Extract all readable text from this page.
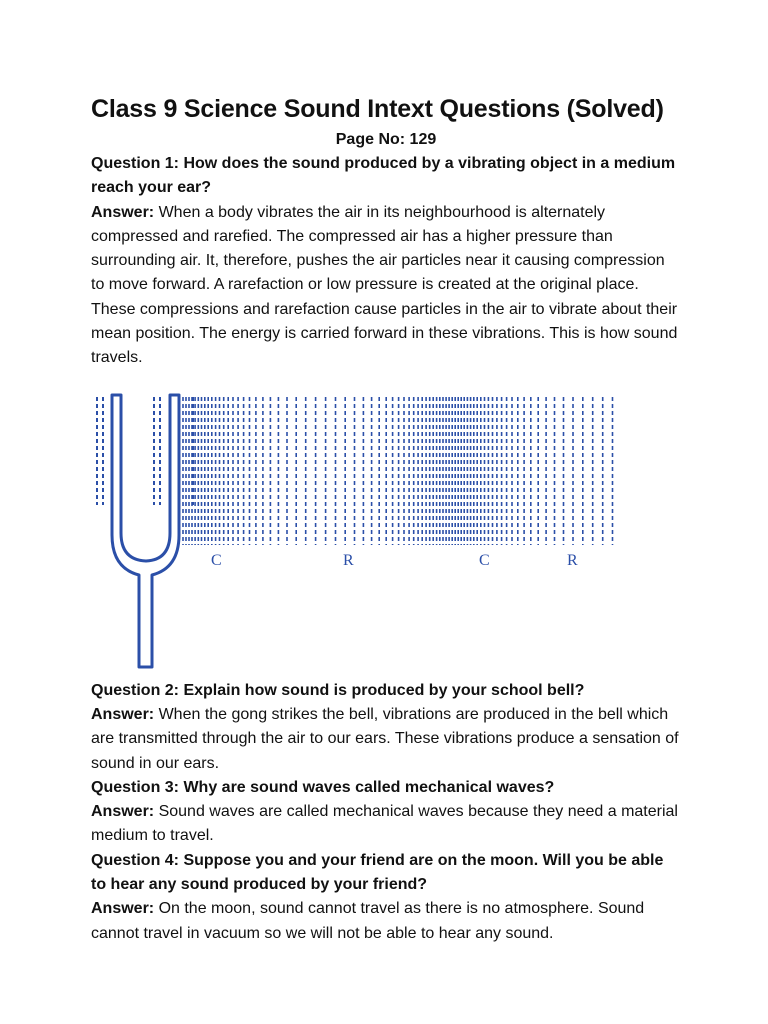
Class 9 Science Sound Intext Questions (Solved)
Page No: 129

Question 1: How does the sound produced by a vibrating object in a medium reach your ear?

Answer: When a body vibrates the air in its neighbourhood is alternately compressed and rarefied. The compressed air has a higher pressure than surrounding air. It, therefore, pushes the air particles near it causing compression to move forward. A rarefaction or low pressure is created at the original place. These compressions and rarefaction cause particles in the air to vibrate about their mean position. The energy is carried forward in these vibrations. This is how sound travels.

C	R	C	R

Question 2: Explain how sound is produced by your school bell?

Answer: When the gong strikes the bell, vibrations are produced in the bell which are transmitted through the air to our ears. These vibrations produce a sensation of sound in our ears.

Question 3: Why are sound waves called mechanical waves?

Answer: Sound waves are called mechanical waves because they need a material medium to travel.

Question 4: Suppose you and your friend are on the moon. Will you be able to hear any sound produced by your friend?

Answer: On the moon, sound cannot travel as there is no atmosphere. Sound cannot travel in vacuum so we will not be able to hear any sound.
